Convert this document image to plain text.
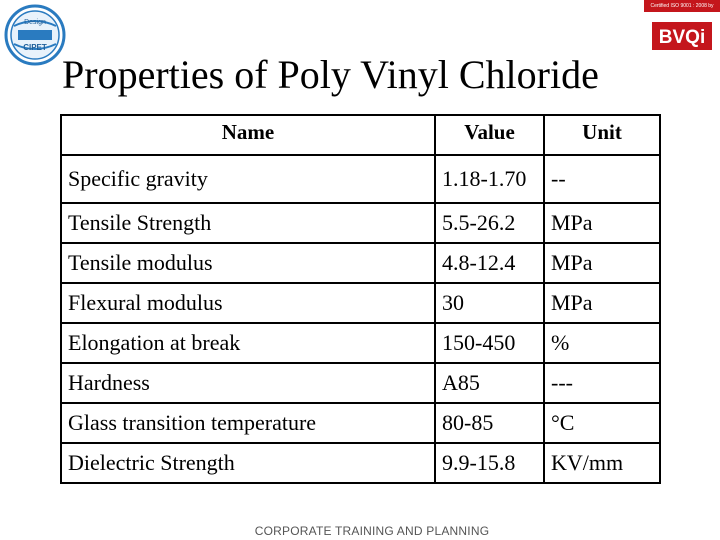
Design
CIPET
Certified ISO 9001 : 2008 by
BVQi
Properties of Poly Vinyl Chloride
Name	Value	Unit
Specific gravity	1.18-1.70	--
Tensile Strength	5.5-26.2	MPa
Tensile modulus	4.8-12.4	MPa
Flexural modulus	30	MPa
Elongation at break	150-450	%
Hardness	A85	---
Glass transition temperature	80-85	°C
Dielectric Strength	9.9-15.8	KV/mm
CORPORATE TRAINING AND PLANNING
